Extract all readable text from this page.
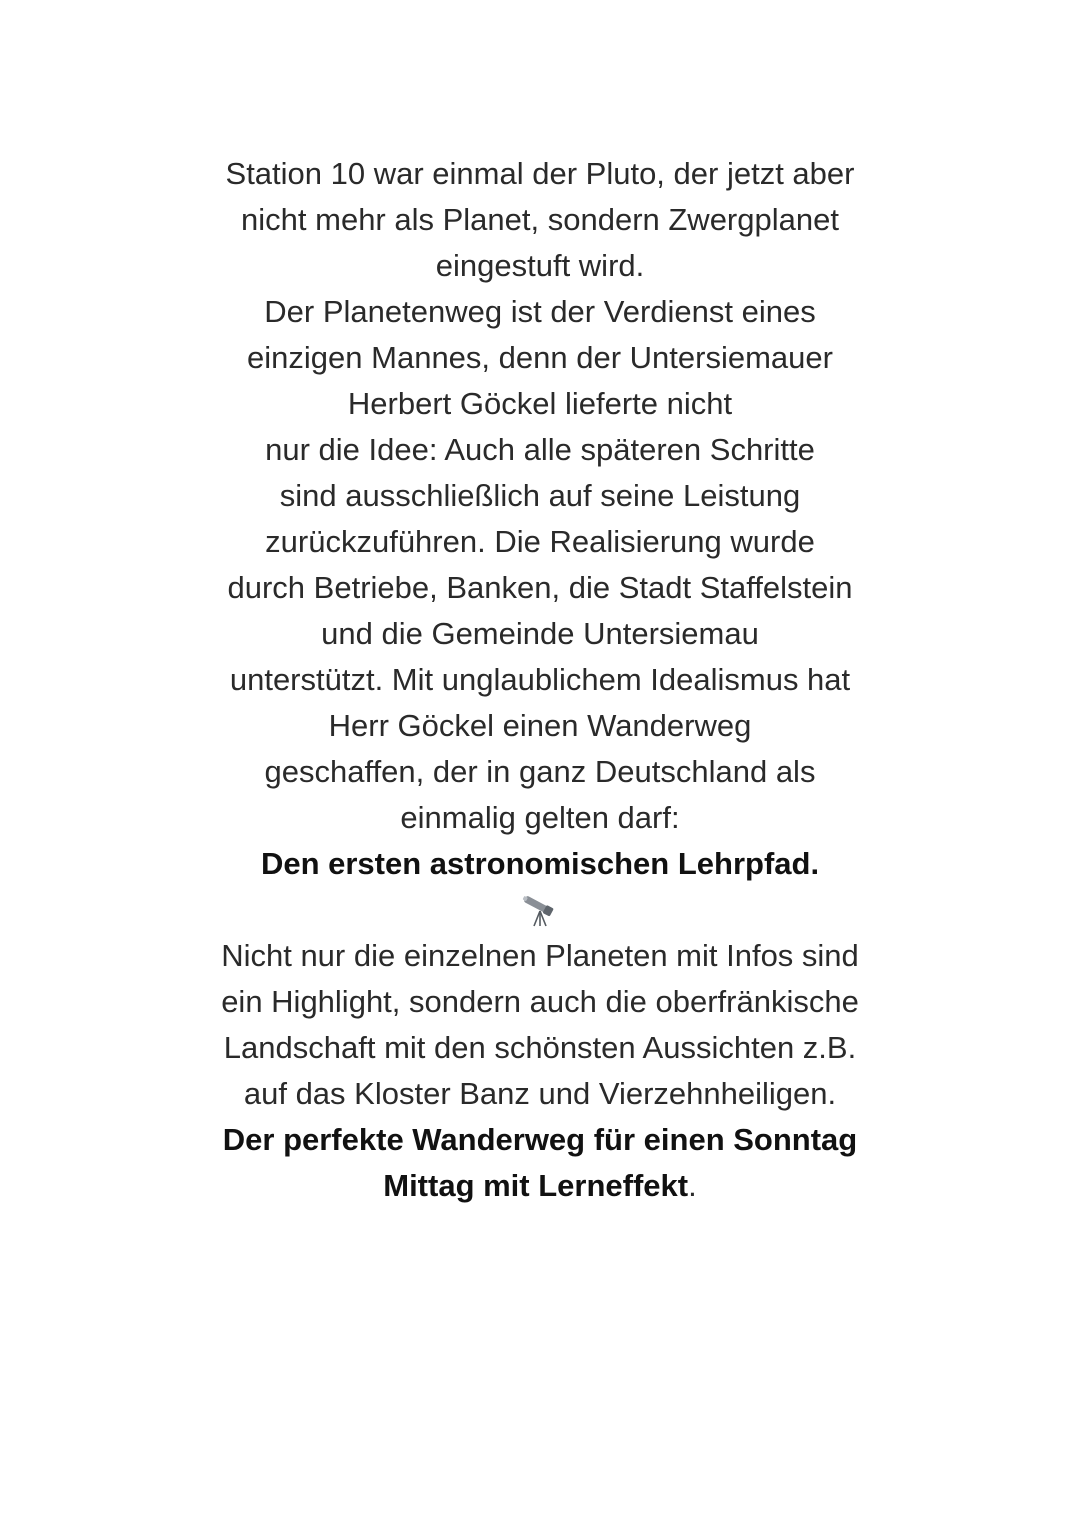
Station 10 war einmal der Pluto, der jetzt aber
nicht mehr als Planet, sondern Zwergplanet
eingestuft wird.
Der Planetenweg ist der Verdienst eines
einzigen Mannes, denn der Untersiemauer
Herbert Göckel lieferte nicht
nur die Idee: Auch alle späteren Schritte
sind ausschließlich auf seine Leistung
zurückzuführen. Die Realisierung wurde
durch Betriebe, Banken, die Stadt Staffelstein
und die Gemeinde Untersiemau
unterstützt. Mit unglaublichem Idealismus hat
Herr Göckel einen Wanderweg
geschaffen, der in ganz Deutschland als
einmalig gelten darf:
Den ersten astronomischen Lehrpfad.
Nicht nur die einzelnen Planeten mit Infos sind
ein Highlight, sondern auch die oberfränkische
Landschaft mit den schönsten Aussichten z.B.
auf das Kloster Banz und Vierzehnheiligen.
Der perfekte Wanderweg für einen Sonntag
Mittag mit Lerneffekt.
